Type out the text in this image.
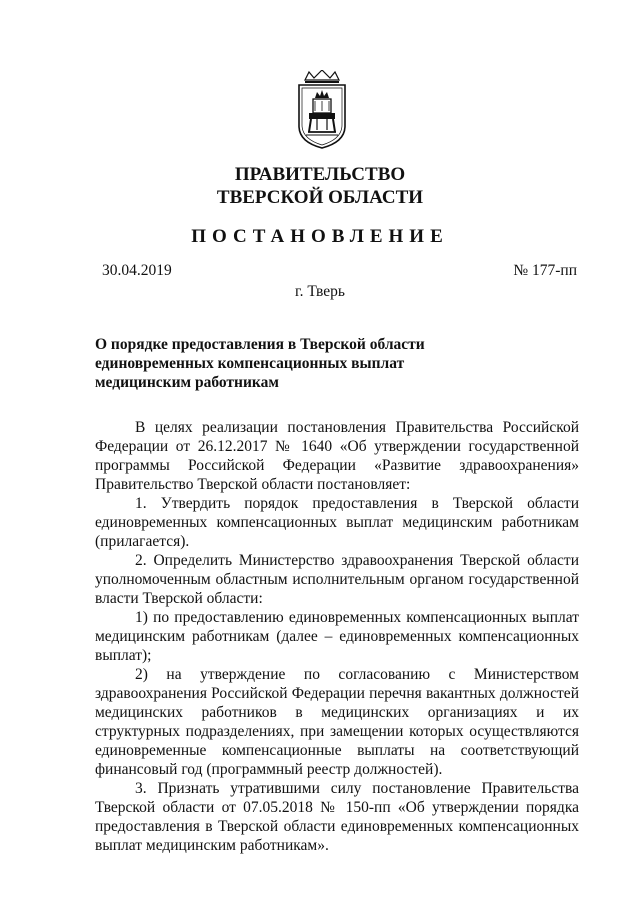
ПРАВИТЕЛЬСТВО
ТВЕРСКОЙ ОБЛАСТИ
ПОСТАНОВЛЕНИЕ
30.04.2019	№ 177-пп
г. Тверь
О порядке предоставления в Тверской области
единовременных компенсационных выплат
медицинским работникам

В целях реализации постановления Правительства Российской Федерации от 26.12.2017 № 1640 «Об утверждении государственной программы Российской Федерации «Развитие здравоохранения» Правительство Тверской области постановляет:

1. Утвердить порядок предоставления в Тверской области единовременных компенсационных выплат медицинским работникам (прилагается).

2. Определить Министерство здравоохранения Тверской области уполномоченным областным исполнительным органом государственной власти Тверской области:

1) по предоставлению единовременных компенсационных выплат медицинским работникам (далее – единовременных компенсационных выплат);

2) на утверждение по согласованию с Министерством здравоохранения Российской Федерации перечня вакантных должностей медицинских работников в медицинских организациях и их структурных подразделениях, при замещении которых осуществляются единовременные компенсационные выплаты на соответствующий финансовый год (программный реестр должностей).

3. Признать утратившими силу постановление Правительства Тверской области от 07.05.2018 № 150-пп «Об утверждении порядка предоставления в Тверской области единовременных компенсационных выплат медицинским работникам».
